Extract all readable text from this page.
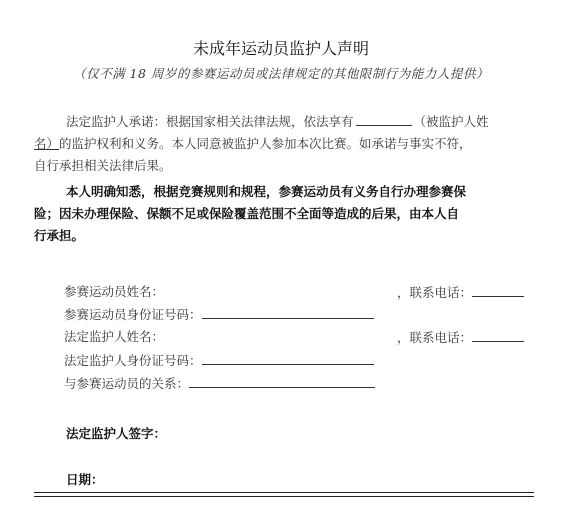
未成年运动员监护人声明
（仅不满 18 周岁的参赛运动员或法律规定的其他限制行为能力人提供）
法定监护人承诺：根据国家相关法律法规，依法享有	（被监护人姓
名）的监护权利和义务。本人同意被监护人参加本次比赛。如承诺与事实不符，
自行承担相关法律后果。
本人明确知悉，根据竞赛规则和规程，参赛运动员有义务自行办理参赛保
险；因未办理保险、保额不足或保险覆盖范围不全面等造成的后果，由本人自
行承担。
参赛运动员姓名：	，联系电话：
参赛运动员身份证号码：
法定监护人姓名：	，联系电话：
法定监护人身份证号码：
与参赛运动员的关系：
法定监护人签字：
日期：
